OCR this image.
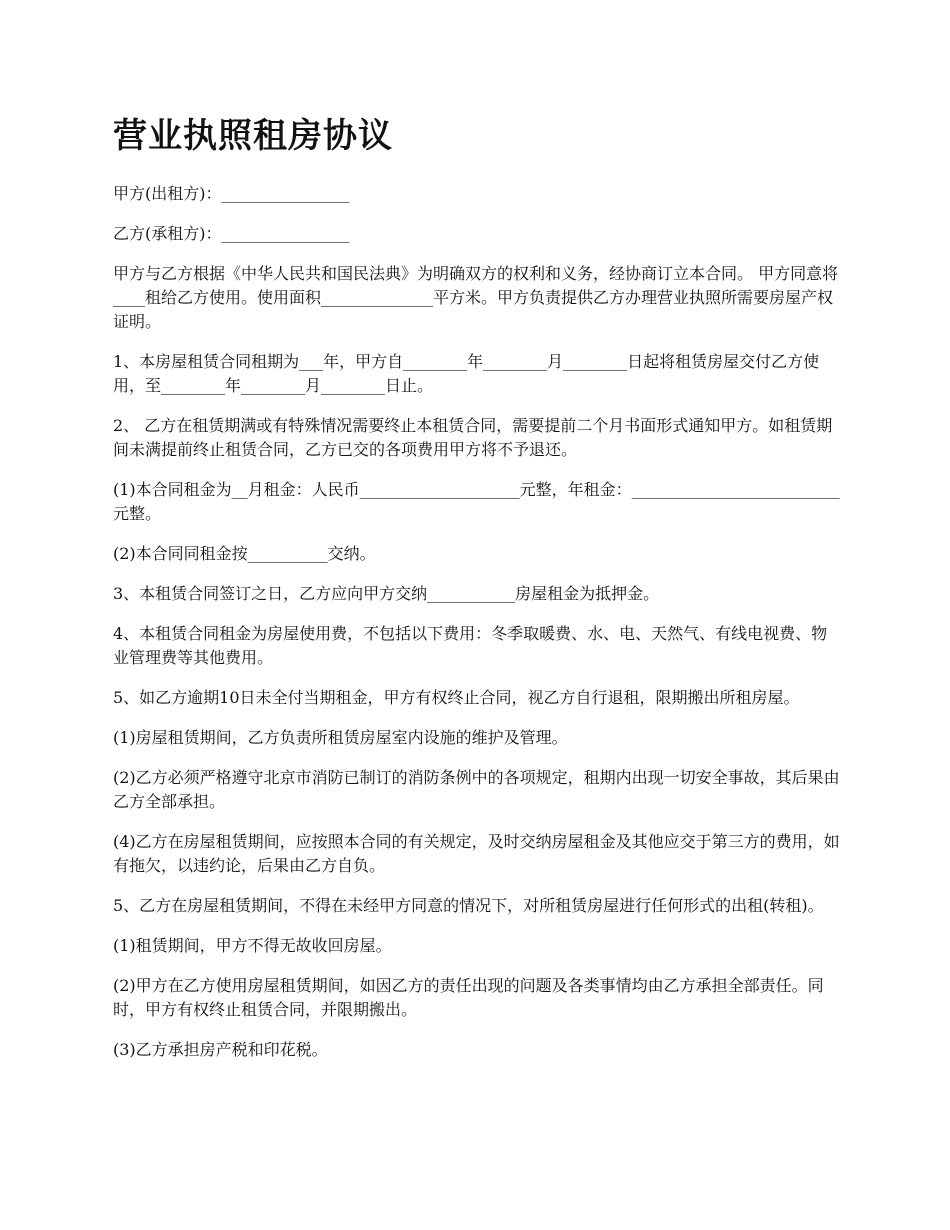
营业执照租房协议

甲方(出租方)：________________

乙方(承租方)：________________

甲方与乙方根据《中华人民共和国民法典》为明确双方的权利和义务，经协商订立本合同。 甲方同意将____租给乙方使用。使用面积______________平方米。甲方负责提供乙方办理营业执照所需要房屋产权证明。

1、本房屋租赁合同租期为___年，甲方自________年________月________日起将租赁房屋交付乙方使用，至________年________月________日止。

2、 乙方在租赁期满或有特殊情况需要终止本租赁合同，需要提前二个月书面形式通知甲方。如租赁期间未满提前终止租赁合同，乙方已交的各项费用甲方将不予退还。

(1)本合同租金为__月租金：人民币____________________元整，年租金：__________________________元整。

(2)本合同同租金按__________交纳。

3、本租赁合同签订之日，乙方应向甲方交纳___________房屋租金为抵押金。

4、本租赁合同租金为房屋使用费，不包括以下费用：冬季取暖费、水、电、天然气、有线电视费、物业管理费等其他费用。

5、如乙方逾期10日未全付当期租金，甲方有权终止合同，视乙方自行退租，限期搬出所租房屋。

(1)房屋租赁期间，乙方负责所租赁房屋室内设施的维护及管理。

(2)乙方必须严格遵守北京市消防已制订的消防条例中的各项规定，租期内出现一切安全事故，其后果由乙方全部承担。

(4)乙方在房屋租赁期间，应按照本合同的有关规定，及时交纳房屋租金及其他应交于第三方的费用，如有拖欠，以违约论，后果由乙方自负。

5、乙方在房屋租赁期间，不得在未经甲方同意的情况下，对所租赁房屋进行任何形式的出租(转租)。

(1)租赁期间，甲方不得无故收回房屋。

(2)甲方在乙方使用房屋租赁期间，如因乙方的责任出现的问题及各类事情均由乙方承担全部责任。同时，甲方有权终止租赁合同，并限期搬出。

(3)乙方承担房产税和印花税。
